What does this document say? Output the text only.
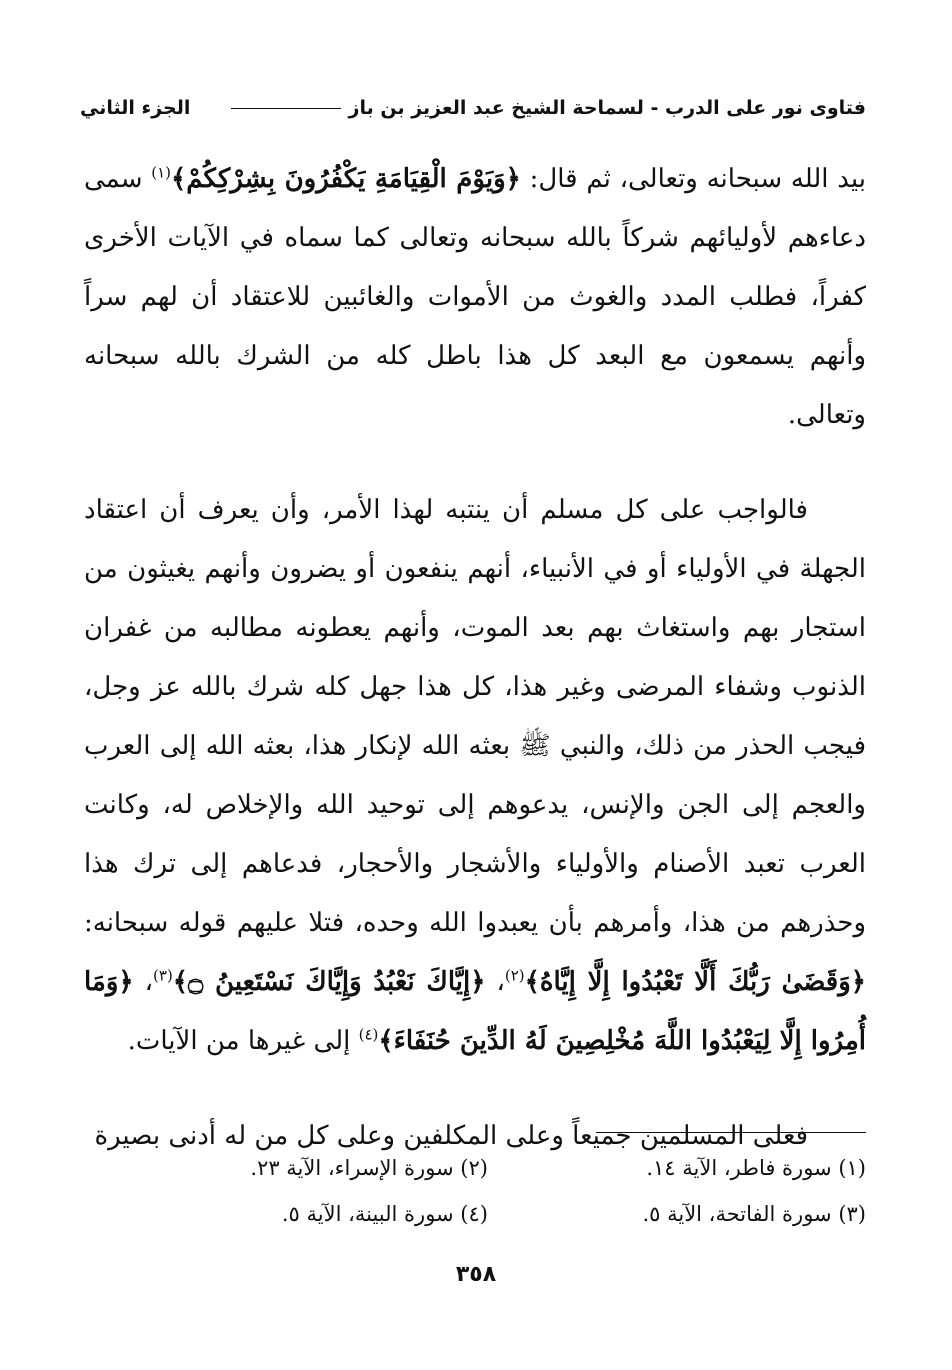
فتاوى نور على الدرب - لسماحة الشيخ عبد العزيز بن باز
الجزء الثاني

بيد الله سبحانه وتعالى، ثم قال: ﴿وَيَوْمَ الْقِيَامَةِ يَكْفُرُونَ بِشِرْكِكُمْ﴾$^{(١)}$ سمى دعاءهم لأوليائهم شركاً بالله سبحانه وتعالى كما سماه في الآيات الأخرى كفراً، فطلب المدد والغوث من الأموات والغائبين للاعتقاد أن لهم سراً وأنهم يسمعون مع البعد كل هذا باطل كله من الشرك بالله سبحانه وتعالى.

فالواجب على كل مسلم أن ينتبه لهذا الأمر، وأن يعرف أن اعتقاد الجهلة في الأولياء أو في الأنبياء، أنهم ينفعون أو يضرون وأنهم يغيثون من استجار بهم واستغاث بهم بعد الموت، وأنهم يعطونه مطالبه من غفران الذنوب وشفاء المرضى وغير هذا، كل هذا جهل كله شرك بالله عز وجل، فيجب الحذر من ذلك، والنبي ﷺ بعثه الله لإنكار هذا، بعثه الله إلى العرب والعجم إلى الجن والإنس، يدعوهم إلى توحيد الله والإخلاص له، وكانت العرب تعبد الأصنام والأولياء والأشجار والأحجار، فدعاهم إلى ترك هذا وحذرهم من هذا، وأمرهم بأن يعبدوا الله وحده، فتلا عليهم قوله سبحانه: ﴿وَقَضَىٰ رَبُّكَ أَلَّا تَعْبُدُوا إِلَّا إِيَّاهُ﴾$^{(٢)}$، ﴿إِيَّاكَ نَعْبُدُ وَإِيَّاكَ نَسْتَعِينُ ۝﴾$^{(٣)}$، ﴿وَمَا أُمِرُوا إِلَّا لِيَعْبُدُوا اللَّهَ مُخْلِصِينَ لَهُ الدِّينَ حُنَفَاءَ﴾$^{(٤)}$ إلى غيرها من الآيات.

فعلى المسلمين جميعاً وعلى المكلفين وعلى كل من له أدنى بصيرة

(١) سورة فاطر، الآية ١٤.
(٢) سورة الإسراء، الآية ٢٣.
(٣) سورة الفاتحة، الآية ٥.
(٤) سورة البينة، الآية ٥.
٣٥٨
